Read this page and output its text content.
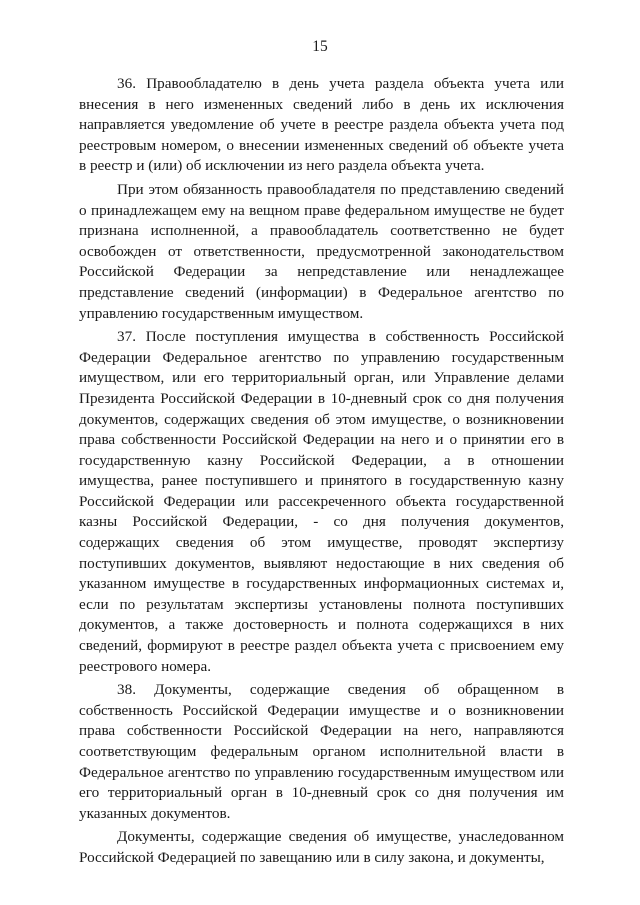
15

36. Правообладателю в день учета раздела объекта учета или внесения в него измененных сведений либо в день их исключения направляется уведомление об учете в реестре раздела объекта учета под реестровым номером, о внесении измененных сведений об объекте учета в реестр и (или) об исключении из него раздела объекта учета.

При этом обязанность правообладателя по представлению сведений о принадлежащем ему на вещном праве федеральном имуществе не будет признана исполненной, а правообладатель соответственно не будет освобожден от ответственности, предусмотренной законодательством Российской Федерации за непредставление или ненадлежащее представление сведений (информации) в Федеральное агентство по управлению государственным имуществом.

37. После поступления имущества в собственность Российской Федерации Федеральное агентство по управлению государственным имуществом, или его территориальный орган, или Управление делами Президента Российской Федерации в 10-дневный срок со дня получения документов, содержащих сведения об этом имуществе, о возникновении права собственности Российской Федерации на него и о принятии его в государственную казну Российской Федерации, а в отношении имущества, ранее поступившего и принятого в государственную казну Российской Федерации или рассекреченного объекта государственной казны Российской Федерации, - со дня получения документов, содержащих сведения об этом имуществе, проводят экспертизу поступивших документов, выявляют недостающие в них сведения об указанном имуществе в государственных информационных системах и, если по результатам экспертизы установлены полнота поступивших документов, а также достоверность и полнота содержащихся в них сведений, формируют в реестре раздел объекта учета с присвоением ему реестрового номера.

38. Документы, содержащие сведения об обращенном в собственность Российской Федерации имуществе и о возникновении права собственности Российской Федерации на него, направляются соответствующим федеральным органом исполнительной власти в Федеральное агентство по управлению государственным имуществом или его территориальный орган в 10-дневный срок со дня получения им указанных документов.

Документы, содержащие сведения об имуществе, унаследованном Российской Федерацией по завещанию или в силу закона, и документы,
